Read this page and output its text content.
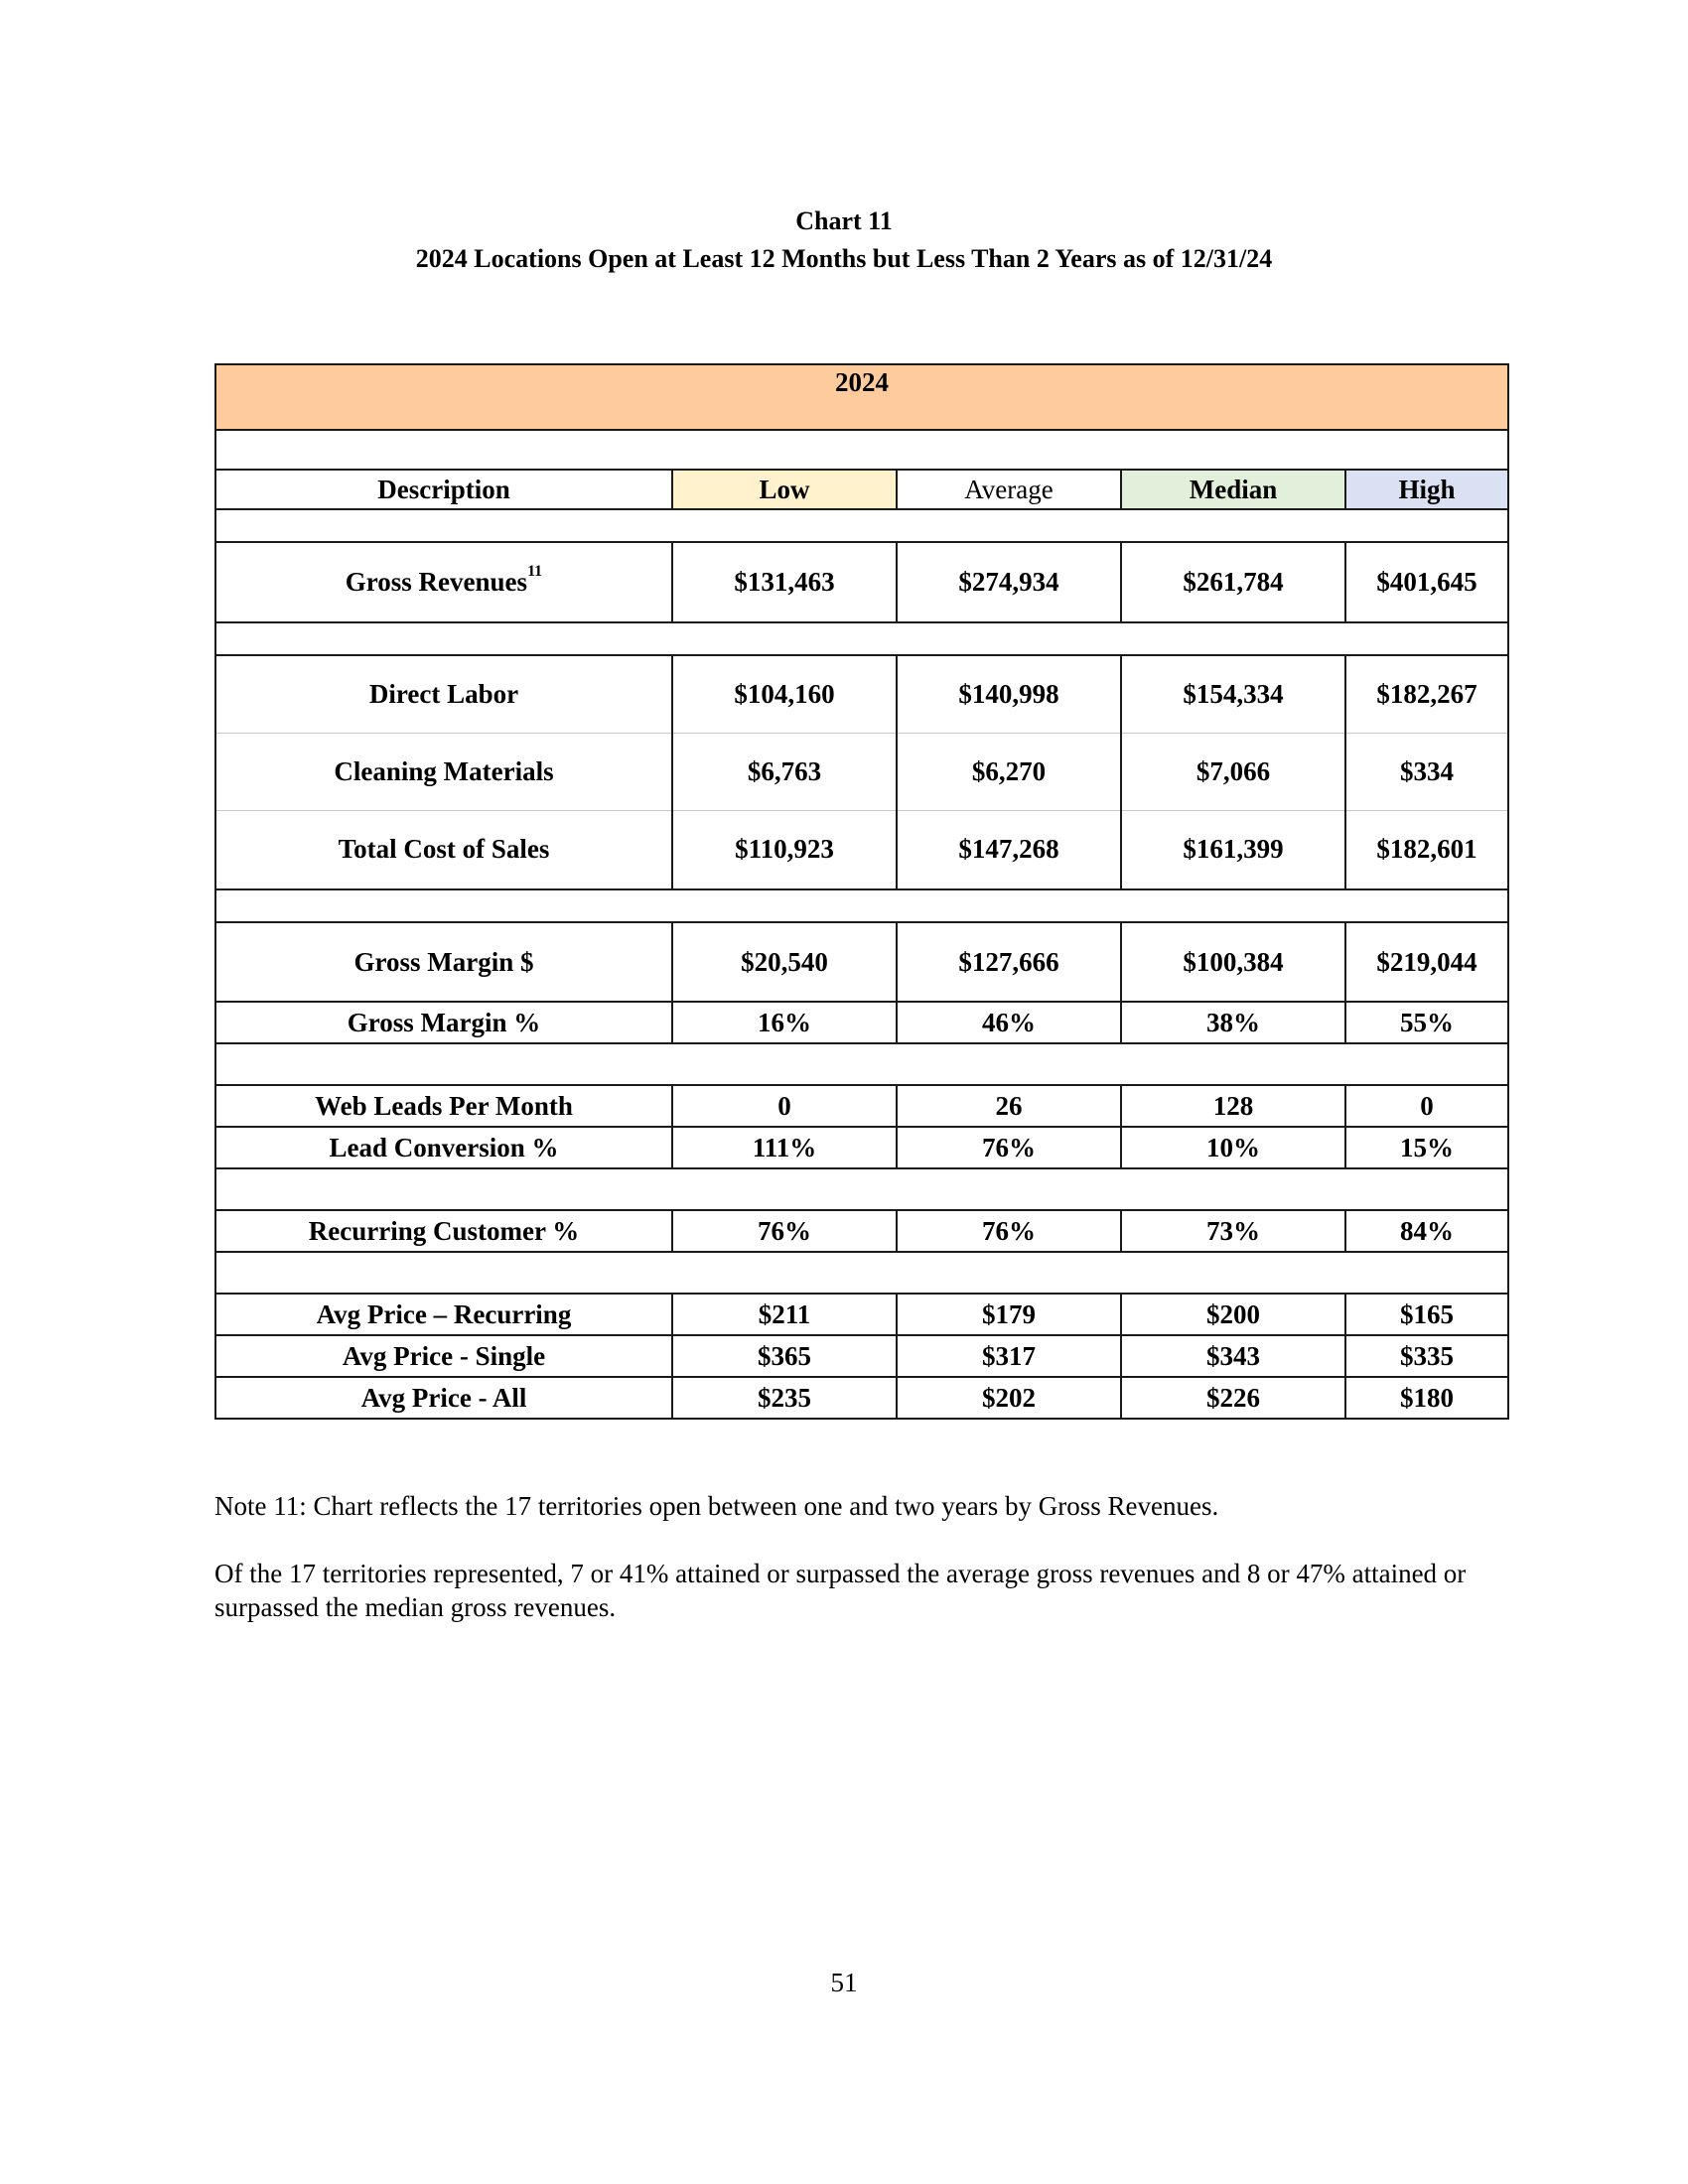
Chart 11
2024 Locations Open at Least 12 Months but Less Than 2 Years as of 12/31/24
2024				

Description	Low	Average	Median	High

Gross Revenues$^{11}$	$131,463	$274,934	$261,784	$401,645

Direct Labor	$104,160	$140,998	$154,334	$182,267
Cleaning Materials	$6,763	$6,270	$7,066	$334
Total Cost of Sales	$110,923	$147,268	$161,399	$182,601

Gross Margin $	$20,540	$127,666	$100,384	$219,044
Gross Margin %	16%	46%	38%	55%

Web Leads Per Month	0	26	128	0
Lead Conversion %	111%	76%	10%	15%

Recurring Customer %	76%	76%	73%	84%

Avg Price – Recurring	$211	$179	$200	$165
Avg Price - Single	$365	$317	$343	$335
Avg Price - All	$235	$202	$226	$180
Note 11: Chart reflects the 17 territories open between one and two years by Gross Revenues.
Of the 17 territories represented, 7 or 41% attained or surpassed the average gross revenues and 8 or 47% attained or surpassed the median gross revenues.
51
